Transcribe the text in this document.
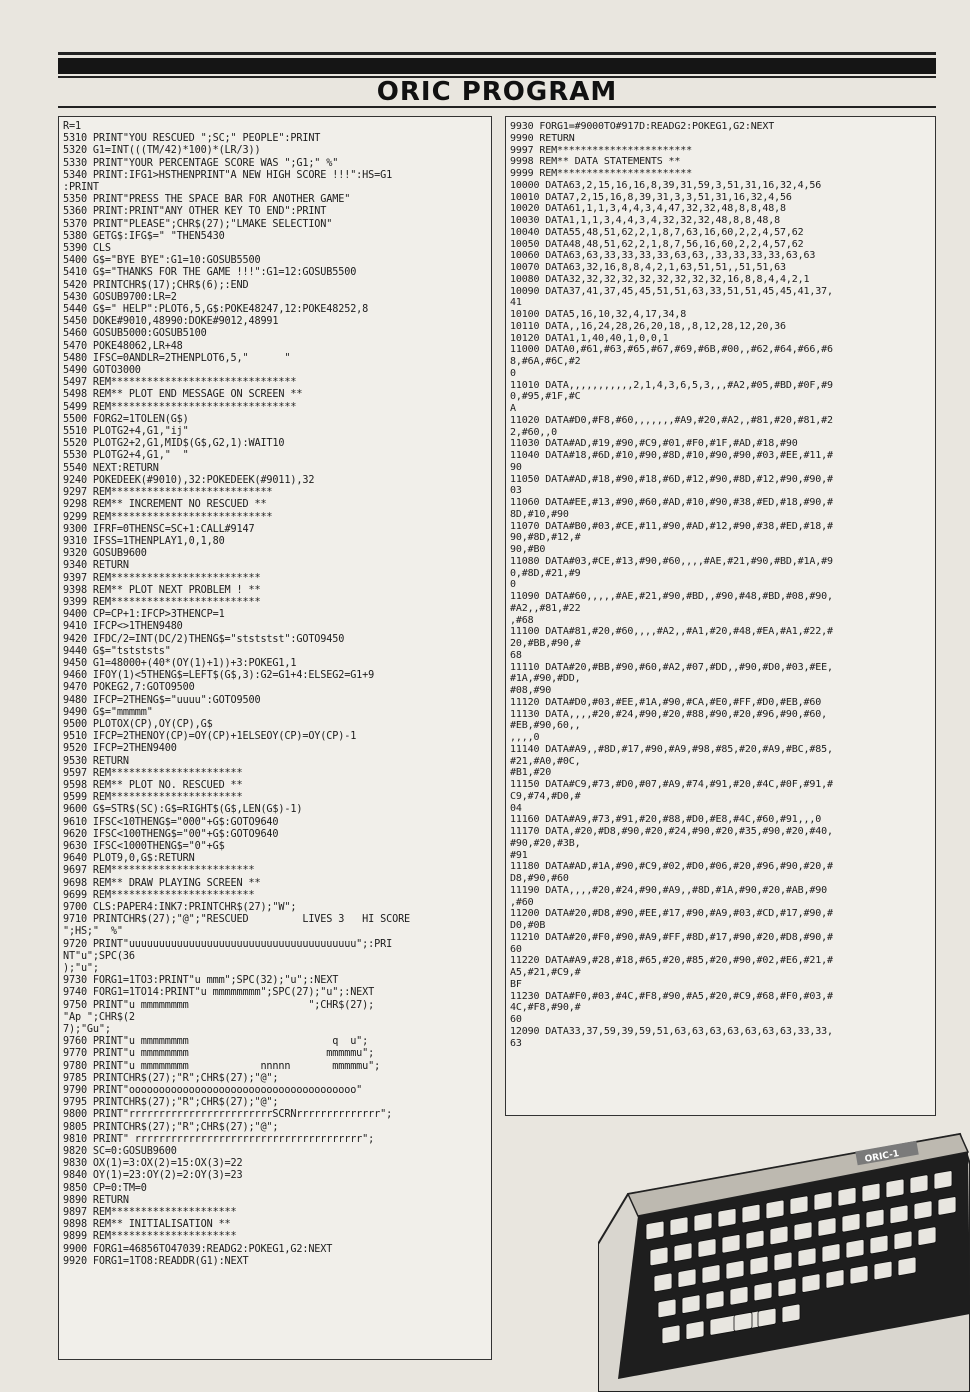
ORIC PROGRAM
R=1
5310 PRINT"YOU RESCUED ";SC;" PEOPLE":PRINT
5320 G1=INT(((TM/42)*100)*(LR/3))
5330 PRINT"YOUR PERCENTAGE SCORE WAS ";G1;" %"
5340 PRINT:IFG1>HSTHENPRINT"A NEW HIGH SCORE !!!":HS=G1
:PRINT
5350 PRINT"PRESS THE SPACE BAR FOR ANOTHER GAME"
5360 PRINT:PRINT"ANY OTHER KEY TO END":PRINT
5370 PRINT"PLEASE";CHR$(27);"LMAKE SELECTION"
5380 GETG$:IFG$=" "THEN5430
5390 CLS
5400 G$="BYE BYE":G1=10:GOSUB5500
5410 G$="THANKS FOR THE GAME !!!":G1=12:GOSUB5500
5420 PRINTCHR$(17);CHR$(6);:END
5430 GOSUB9700:LR=2
5440 G$=" HELP":PLOT6,5,G$:POKE48247,12:POKE48252,8
5450 DOKE#9010,48990:DOKE#9012,48991
5460 GOSUB5000:GOSUB5100
5470 POKE48062,LR+48
5480 IFSC=0ANDLR=2THENPLOT6,5,"      "
5490 GOTO3000
5497 REM*******************************
5498 REM** PLOT END MESSAGE ON SCREEN **
5499 REM*******************************
5500 FORG2=1TOLEN(G$)
5510 PLOTG2+4,G1,"ij"
5520 PLOTG2+2,G1,MID$(G$,G2,1):WAIT10
5530 PLOTG2+4,G1,"  "
5540 NEXT:RETURN
9240 POKEDEEK(#9010),32:POKEDEEK(#9011),32
9297 REM***************************
9298 REM** INCREMENT NO RESCUED **
9299 REM***************************
9300 IFRF=0THENSC=SC+1:CALL#9147
9310 IFSS=1THENPLAY1,0,1,80
9320 GOSUB9600
9340 RETURN
9397 REM*************************
9398 REM** PLOT NEXT PROBLEM ! **
9399 REM*************************
9400 CP=CP+1:IFCP>3THENCP=1
9410 IFCP<>1THEN9480
9420 IFDC/2=INT(DC/2)THENG$="stststst":GOTO9450
9440 G$="tstststs"
9450 G1=48000+(40*(OY(1)+1))+3:POKEG1,1
9460 IFOY(1)<5THENG$=LEFT$(G$,3):G2=G1+4:ELSEG2=G1+9
9470 POKEG2,7:GOTO9500
9480 IFCP=2THENG$="uuuu":GOTO9500
9490 G$="mmmmm"
9500 PLOTOX(CP),OY(CP),G$
9510 IFCP=2THENOY(CP)=OY(CP)+1ELSEOY(CP)=OY(CP)-1
9520 IFCP=2THEN9400
9530 RETURN
9597 REM**********************
9598 REM** PLOT NO. RESCUED **
9599 REM**********************
9600 G$=STR$(SC):G$=RIGHT$(G$,LEN(G$)-1)
9610 IFSC<10THENG$="000"+G$:GOTO9640
9620 IFSC<100THENG$="00"+G$:GOTO9640
9630 IFSC<1000THENG$="0"+G$
9640 PLOT9,0,G$:RETURN
9697 REM************************
9698 REM** DRAW PLAYING SCREEN **
9699 REM************************
9700 CLS:PAPER4:INK7:PRINTCHR$(27);"W";
9710 PRINTCHR$(27);"@";"RESCUED         LIVES 3   HI SCORE
";HS;"  %"
9720 PRINT"uuuuuuuuuuuuuuuuuuuuuuuuuuuuuuuuuuuuuu";:PRI
NT"u";SPC(36
);"u";
9730 FORG1=1TO3:PRINT"u mmm";SPC(32);"u";:NEXT
9740 FORG1=1TO14:PRINT"u mmmmmmmm";SPC(27);"u";:NEXT
9750 PRINT"u mmmmmmmm                    ";CHR$(27);
"Ap ";CHR$(2
7);"Gu";
9760 PRINT"u mmmmmmmm                        q  u";
9770 PRINT"u mmmmmmmm                       mmmmmu";
9780 PRINT"u mmmmmmmm            nnnnn       mmmmmu";
9785 PRINTCHR$(27);"R";CHR$(27);"@";
9790 PRINT"oooooooooooooooooooooooooooooooooooooo"
9795 PRINTCHR$(27);"R";CHR$(27);"@";
9800 PRINT"rrrrrrrrrrrrrrrrrrrrrrrrSCRNrrrrrrrrrrrrrr";
9805 PRINTCHR$(27);"R";CHR$(27);"@";
9810 PRINT" rrrrrrrrrrrrrrrrrrrrrrrrrrrrrrrrrrrrrr";
9820 SC=0:GOSUB9600
9830 OX(1)=3:OX(2)=15:OX(3)=22
9840 OY(1)=23:OY(2)=2:OY(3)=23
9850 CP=0:TM=0
9890 RETURN
9897 REM*********************
9898 REM** INITIALISATION **
9899 REM*********************
9900 FORG1=46856TO47039:READG2:POKEG1,G2:NEXT
9920 FORG1=1TO8:READDR(G1):NEXT
9930 FORG1=#9000TO#917D:READG2:POKEG1,G2:NEXT
9990 RETURN
9997 REM***********************
9998 REM** DATA STATEMENTS **
9999 REM***********************
10000 DATA63,2,15,16,16,8,39,31,59,3,51,31,16,32,4,56
10010 DATA7,2,15,16,8,39,31,3,3,51,31,16,32,4,56
10020 DATA61,1,1,3,4,4,3,4,47,32,32,48,8,8,48,8
10030 DATA1,1,1,3,4,4,3,4,32,32,32,48,8,8,48,8
10040 DATA55,48,51,62,2,1,8,7,63,16,60,2,2,4,57,62
10050 DATA48,48,51,62,2,1,8,7,56,16,60,2,2,4,57,62
10060 DATA63,63,33,33,33,33,63,63,,33,33,33,33,63,63
10070 DATA63,32,16,8,8,4,2,1,63,51,51,,51,51,63
10080 DATA32,32,32,32,32,32,32,32,32,16,8,8,4,4,2,1
10090 DATA37,41,37,45,45,51,51,63,33,51,51,45,45,41,37,
41
10100 DATA5,16,10,32,4,17,34,8
10110 DATA,,16,24,28,26,20,18,,8,12,28,12,20,36
10120 DATA1,1,40,40,1,0,0,1
11000 DATA0,#61,#63,#65,#67,#69,#6B,#00,,#62,#64,#66,#6
8,#6A,#6C,#2
0
11010 DATA,,,,,,,,,,,2,1,4,3,6,5,3,,,#A2,#05,#BD,#0F,#9
0,#95,#1F,#C
A
11020 DATA#D0,#F8,#60,,,,,,,#A9,#20,#A2,,#81,#20,#81,#2
2,#60,,0
11030 DATA#AD,#19,#90,#C9,#01,#F0,#1F,#AD,#18,#90
11040 DATA#18,#6D,#10,#90,#8D,#10,#90,#90,#03,#EE,#11,#
90
11050 DATA#AD,#18,#90,#18,#6D,#12,#90,#8D,#12,#90,#90,#
03
11060 DATA#EE,#13,#90,#60,#AD,#10,#90,#38,#ED,#18,#90,#
8D,#10,#90
11070 DATA#B0,#03,#CE,#11,#90,#AD,#12,#90,#38,#ED,#18,#
90,#8D,#12,#
90,#B0
11080 DATA#03,#CE,#13,#90,#60,,,,#AE,#21,#90,#BD,#1A,#9
0,#8D,#21,#9
0
11090 DATA#60,,,,,#AE,#21,#90,#BD,,#90,#48,#BD,#08,#90,
#A2,,#81,#22
,#68
11100 DATA#81,#20,#60,,,,#A2,,#A1,#20,#48,#EA,#A1,#22,#
20,#BB,#90,#
68
11110 DATA#20,#BB,#90,#60,#A2,#07,#DD,,#90,#D0,#03,#EE,
#1A,#90,#DD,
#08,#90
11120 DATA#D0,#03,#EE,#1A,#90,#CA,#E0,#FF,#D0,#EB,#60
11130 DATA,,,,#20,#24,#90,#20,#88,#90,#20,#96,#90,#60,
#EB,#90,60,,
,,,,0
11140 DATA#A9,,#8D,#17,#90,#A9,#98,#85,#20,#A9,#BC,#85,
#21,#A0,#0C,
#B1,#20
11150 DATA#C9,#73,#D0,#07,#A9,#74,#91,#20,#4C,#0F,#91,#
C9,#74,#D0,#
04
11160 DATA#A9,#73,#91,#20,#88,#D0,#E8,#4C,#60,#91,,,0
11170 DATA,#20,#D8,#90,#20,#24,#90,#20,#35,#90,#20,#40,
#90,#20,#3B,
#91
11180 DATA#AD,#1A,#90,#C9,#02,#D0,#06,#20,#96,#90,#20,#
D8,#90,#60
11190 DATA,,,,#20,#24,#90,#A9,,#8D,#1A,#90,#20,#AB,#90
,#60
11200 DATA#20,#D8,#90,#EE,#17,#90,#A9,#03,#CD,#17,#90,#
D0,#0B
11210 DATA#20,#F0,#90,#A9,#FF,#8D,#17,#90,#20,#D8,#90,#
60
11220 DATA#A9,#28,#18,#65,#20,#85,#20,#90,#02,#E6,#21,#
A5,#21,#C9,#
BF
11230 DATA#F0,#03,#4C,#F8,#90,#A5,#20,#C9,#68,#F0,#03,#
4C,#F8,#90,#
60
12090 DATA33,37,59,39,59,51,63,63,63,63,63,63,63,33,33,
63
ORIC-1
